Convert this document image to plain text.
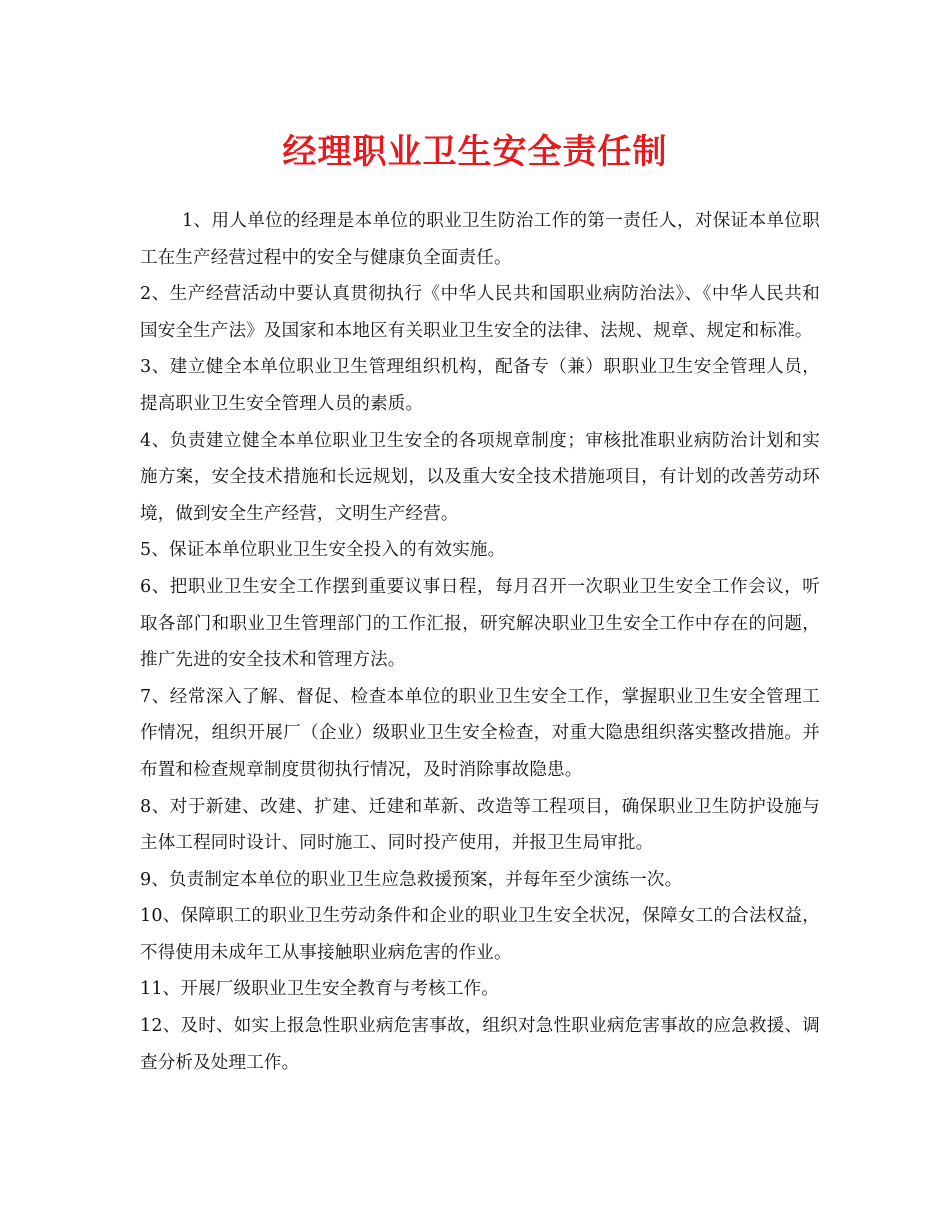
经理职业卫生安全责任制

1、用人单位的经理是本单位的职业卫生防治工作的第一责任人，对保证本单位职工在生产经营过程中的安全与健康负全面责任。

2、生产经营活动中要认真贯彻执行《中华人民共和国职业病防治法》、《中华人民共和国安全生产法》及国家和本地区有关职业卫生安全的法律、法规、规章、规定和标准。

3、建立健全本单位职业卫生管理组织机构，配备专（兼）职职业卫生安全管理人员，提高职业卫生安全管理人员的素质。

4、负责建立健全本单位职业卫生安全的各项规章制度；审核批准职业病防治计划和实施方案，安全技术措施和长远规划，以及重大安全技术措施项目，有计划的改善劳动环境，做到安全生产经营，文明生产经营。

5、保证本单位职业卫生安全投入的有效实施。

6、把职业卫生安全工作摆到重要议事日程，每月召开一次职业卫生安全工作会议，听取各部门和职业卫生管理部门的工作汇报，研究解决职业卫生安全工作中存在的问题，推广先进的安全技术和管理方法。

7、经常深入了解、督促、检查本单位的职业卫生安全工作，掌握职业卫生安全管理工作情况，组织开展厂（企业）级职业卫生安全检查，对重大隐患组织落实整改措施。并布置和检查规章制度贯彻执行情况，及时消除事故隐患。

8、对于新建、改建、扩建、迁建和革新、改造等工程项目，确保职业卫生防护设施与主体工程同时设计、同时施工、同时投产使用，并报卫生局审批。

9、负责制定本单位的职业卫生应急救援预案，并每年至少演练一次。

10、保障职工的职业卫生劳动条件和企业的职业卫生安全状况，保障女工的合法权益，不得使用未成年工从事接触职业病危害的作业。

11、开展厂级职业卫生安全教育与考核工作。

12、及时、如实上报急性职业病危害事故，组织对急性职业病危害事故的应急救援、调查分析及处理工作。
